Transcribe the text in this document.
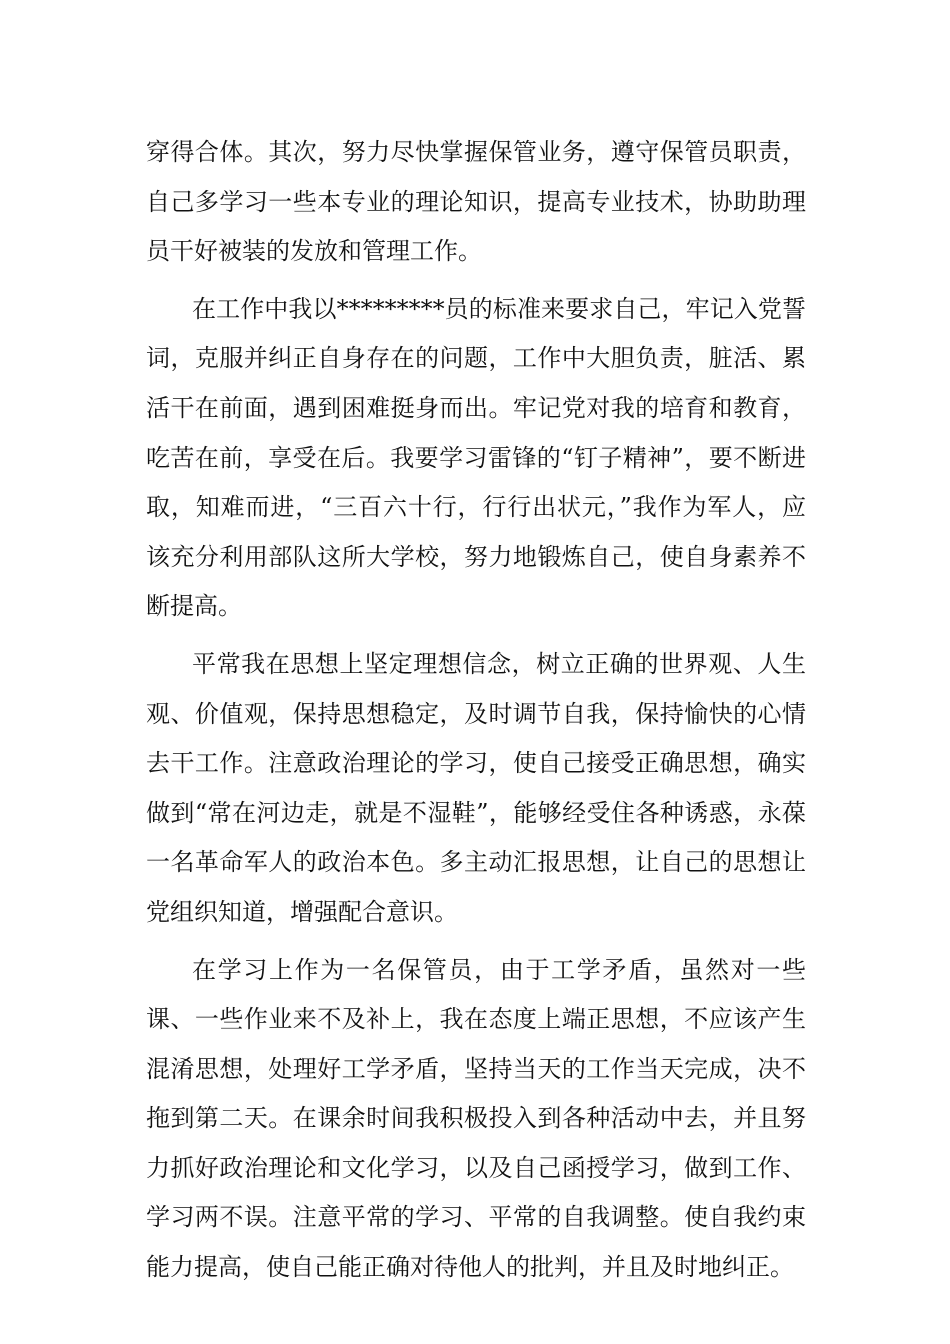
穿得合体。其次，努力尽快掌握保管业务，遵守保管员职责，自己多学习一些本专业的理论知识，提高专业技术，协助助理员干好被装的发放和管理工作。

在工作中我以*********员的标准来要求自己，牢记入党誓词，克服并纠正自身存在的问题，工作中大胆负责，脏活、累活干在前面，遇到困难挺身而出。牢记党对我的培育和教育，吃苦在前，享受在后。我要学习雷锋的“钉子精神”，要不断进取，知难而进，“三百六十行，行行出状元，”我作为军人，应该充分利用部队这所大学校，努力地锻炼自己，使自身素养不断提高。

平常我在思想上坚定理想信念，树立正确的世界观、人生观、价值观，保持思想稳定，及时调节自我，保持愉快的心情去干工作。注意政治理论的学习，使自己接受正确思想，确实做到“常在河边走，就是不湿鞋”，能够经受住各种诱惑，永葆一名革命军人的政治本色。多主动汇报思想，让自己的思想让党组织知道，增强配合意识。

在学习上作为一名保管员，由于工学矛盾，虽然对一些课、一些作业来不及补上，我在态度上端正思想，不应该产生混淆思想，处理好工学矛盾，坚持当天的工作当天完成，决不拖到第二天。在课余时间我积极投入到各种活动中去，并且努力抓好政治理论和文化学习，以及自己函授学习，做到工作、学习两不误。注意平常的学习、平常的自我调整。使自我约束能力提高，使自己能正确对待他人的批判，并且及时地纠正。
